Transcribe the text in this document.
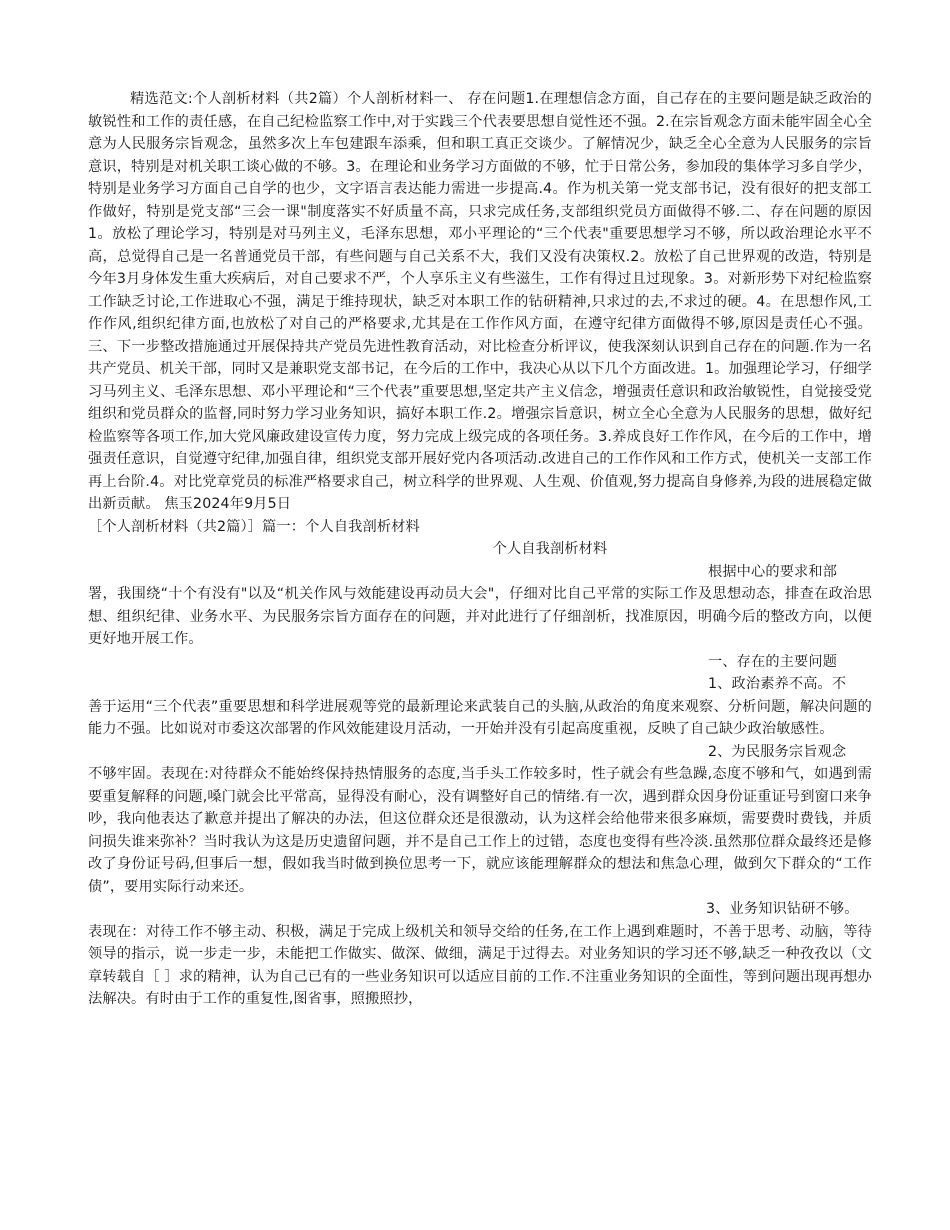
精选范文:个人剖析材料（共2篇）个人剖析材料一、 存在问题1.在理想信念方面，自己存在的主要问题是缺乏政治的敏锐性和工作的责任感，在自己纪检监察工作中,对于实践三个代表要思想自觉性还不强。2.在宗旨观念方面未能牢固全心全意为人民服务宗旨观念，虽然多次上车包建跟车添乘，但和职工真正交谈少。了解情况少，缺乏全心全意为人民服务的宗旨意识，特别是对机关职工谈心做的不够。3。在理论和业务学习方面做的不够，忙于日常公务，参加段的集体学习多自学少，特别是业务学习方面自己自学的也少，文字语言表达能力需进一步提高.4。作为机关第一党支部书记，没有很好的把支部工作做好，特别是党支部“三会一课"制度落实不好质量不高，只求完成任务,支部组织党员方面做得不够.二、存在问题的原因1。放松了理论学习，特别是对马列主义，毛泽东思想，邓小平理论的“三个代表"重要思想学习不够，所以政治理论水平不高，总觉得自己是一名普通党员干部，有些问题与自己关系不大，我们又没有决策权.2。放松了自己世界观的改造，特别是今年3月身体发生重大疾病后，对自己要求不严，个人享乐主义有些滋生，工作有得过且过现象。3。对新形势下对纪检监察工作缺乏讨论,工作进取心不强，满足于维持现状，缺乏对本职工作的钻研精神,只求过的去,不求过的硬。4。在思想作风,工作作风,组织纪律方面,也放松了对自己的严格要求,尤其是在工作作风方面，在遵守纪律方面做得不够,原因是责任心不强。三、下一步整改措施通过开展保持共产党员先进性教育活动，对比检查分析评议，使我深刻认识到自己存在的问题.作为一名共产党员、机关干部，同时又是兼职党支部书记，在今后的工作中，我决心从以下几个方面改进。1。加强理论学习，仔细学习马列主义、毛泽东思想、邓小平理论和“三个代表”重要思想,坚定共产主义信念，增强责任意识和政治敏锐性，自觉接受党组织和党员群众的监督,同时努力学习业务知识，搞好本职工作.2。增强宗旨意识，树立全心全意为人民服务的思想，做好纪检监察等各项工作,加大党风廉政建设宣传力度，努力完成上级完成的各项任务。3.养成良好工作作风，在今后的工作中，增强责任意识，自觉遵守纪律,加强自律，组织党支部开展好党内各项活动.改进自己的工作作风和工作方式，使机关一支部工作再上台阶.4。对比党章党员的标准严格要求自己，树立科学的世界观、人生观、价值观,努力提高自身修养,为段的进展稳定做出新贡献。 焦玉2024年9月5日

［个人剖析材料（共2篇）］篇一：个人自我剖析材料

个人自我剖析材料

根据中心的要求和部

署，我围绕“十个有没有"以及“机关作风与效能建设再动员大会"，仔细对比自己平常的实际工作及思想动态，排查在政治思想、组织纪律、业务水平、为民服务宗旨方面存在的问题，并对此进行了仔细剖析，找准原因，明确今后的整改方向，以便更好地开展工作。

一、存在的主要问题

1、政治素养不高。不

善于运用“三个代表”重要思想和科学进展观等党的最新理论来武装自己的头脑,从政治的角度来观察、分析问题，解决问题的能力不强。比如说对市委这次部署的作风效能建设月活动，一开始并没有引起高度重视，反映了自己缺少政治敏感性。

2、为民服务宗旨观念

不够牢固。表现在:对待群众不能始终保持热情服务的态度,当手头工作较多时，性子就会有些急躁,态度不够和气，如遇到需要重复解释的问题,嗓门就会比平常高，显得没有耐心，没有调整好自己的情绪.有一次，遇到群众因身份证重证号到窗口来争吵，我向他表达了歉意并提出了解决的办法，但这位群众还是很激动，认为这样会给他带来很多麻烦，需要费时费钱，并质问损失谁来弥补？当时我认为这是历史遗留问题，并不是自己工作上的过错，态度也变得有些冷淡.虽然那位群众最终还是修改了身份证号码,但事后一想，假如我当时做到换位思考一下，就应该能理解群众的想法和焦急心理，做到欠下群众的“工作债”，要用实际行动来还。

3、业务知识钻研不够。

表现在：对待工作不够主动、积极，满足于完成上级机关和领导交给的任务,在工作上遇到难题时，不善于思考、动脑，等待领导的指示，说一步走一步，未能把工作做实、做深、做细，满足于过得去。对业务知识的学习还不够,缺乏一种孜孜以（文章转载自［ ］求的精神，认为自己已有的一些业务知识可以适应目前的工作.不注重业务知识的全面性，等到问题出现再想办法解决。有时由于工作的重复性,图省事，照搬照抄，
